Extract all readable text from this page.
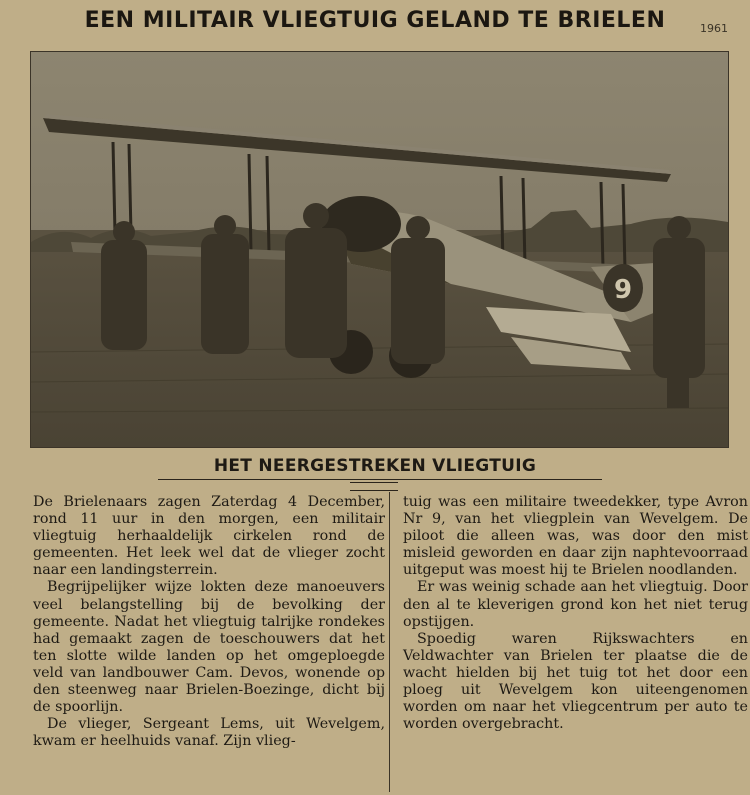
EEN MILITAIR VLIEGTUIG GELAND TE BRIELEN	1961
9
HET NEERGESTREKEN VLIEGTUIG

De Brielenaars zagen Zaterdag 4 December, rond 11 uur in den morgen, een militair vliegtuig herhaaldelijk cirkelen rond de gemeenten. Het leek wel dat de vlieger zocht naar een landingsterrein.

Begrijpelijker wijze lokten deze manoeuvers veel belangstelling bij de bevolking der gemeente. Nadat het vliegtuig talrijke rondekes had gemaakt zagen de toeschouwers dat het ten slotte wilde landen op het omgeploegde veld van landbouwer Cam. Devos, wonende op den steenweg naar Brielen-Boezinge, dicht bij de spoorlijn.

De vlieger, Sergeant Lems, uit Wevelgem, kwam er heelhuids vanaf. Zijn vlieg-

tuig was een militaire tweedekker, type Avron Nr 9, van het vliegplein van Wevelgem. De piloot die alleen was, was door den mist misleid geworden en daar zijn naphtevoorraad uitgeput was moest hij te Brielen noodlanden.

Er was weinig schade aan het vliegtuig. Door den al te kleverigen grond kon het niet terug opstijgen.

Spoedig waren Rijkswachters en Veldwachter van Brielen ter plaatse die de wacht hielden bij het tuig tot het door een ploeg uit Wevelgem kon uiteengenomen worden om naar het vliegcentrum per auto te worden overgebracht.
